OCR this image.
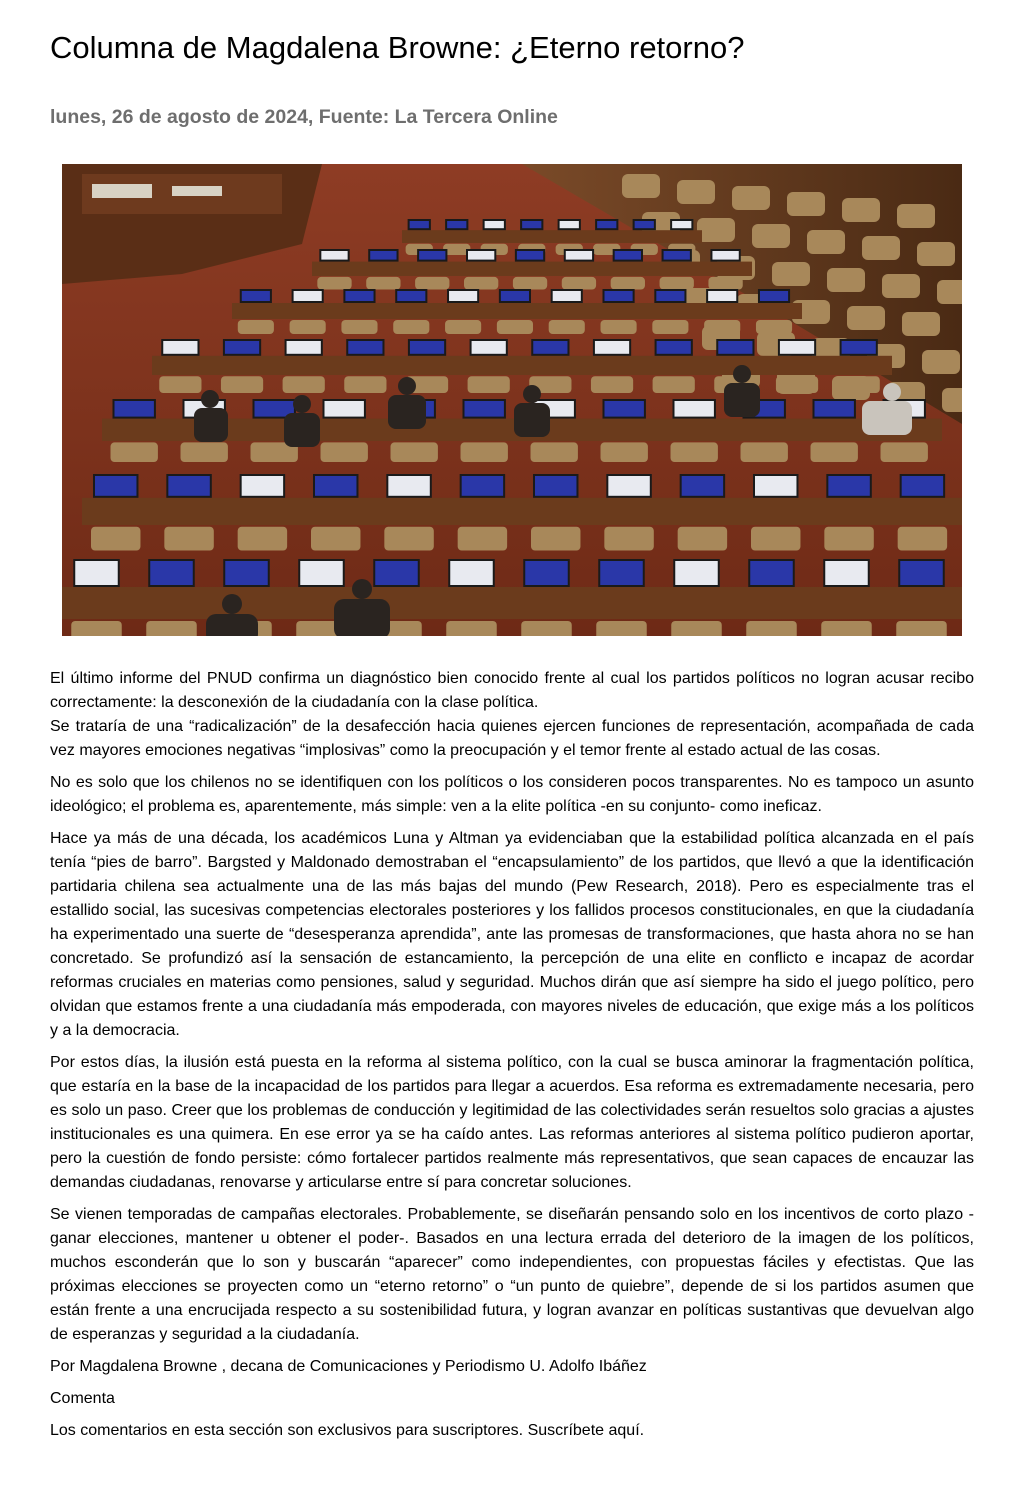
Columna de Magdalena Browne: ¿Eterno retorno?
lunes, 26 de agosto de 2024, Fuente: La Tercera Online

El último informe del PNUD confirma un diagnóstico bien conocido frente al cual los partidos políticos no logran acusar recibo correctamente: la desconexión de la ciudadanía con la clase política.

Se trataría de una “radicalización” de la desafección hacia quienes ejercen funciones de representación, acompañada de cada vez mayores emociones negativas “implosivas” como la preocupación y el temor frente al estado actual de las cosas.

No es solo que los chilenos no se identifiquen con los políticos o los consideren pocos transparentes. No es tampoco un asunto ideológico; el problema es, aparentemente, más simple: ven a la elite política -en su conjunto- como ineficaz.

Hace ya más de una década, los académicos Luna y Altman ya evidenciaban que la estabilidad política alcanzada en el país tenía “pies de barro”. Bargsted y Maldonado demostraban el “encapsulamiento” de los partidos, que llevó a que la identificación partidaria chilena sea actualmente una de las más bajas del mundo (Pew Research, 2018). Pero es especialmente tras el estallido social, las sucesivas competencias electorales posteriores y los fallidos procesos constitucionales, en que la ciudadanía ha experimentado una suerte de “desesperanza aprendida”, ante las promesas de transformaciones, que hasta ahora no se han concretado. Se profundizó así la sensación de estancamiento, la percepción de una elite en conflicto e incapaz de acordar reformas cruciales en materias como pensiones, salud y seguridad. Muchos dirán que así siempre ha sido el juego político, pero olvidan que estamos frente a una ciudadanía más empoderada, con mayores niveles de educación, que exige más a los políticos y a la democracia.

Por estos días, la ilusión está puesta en la reforma al sistema político, con la cual se busca aminorar la fragmentación política, que estaría en la base de la incapacidad de los partidos para llegar a acuerdos. Esa reforma es extremadamente necesaria, pero es solo un paso. Creer que los problemas de conducción y legitimidad de las colectividades serán resueltos solo gracias a ajustes institucionales es una quimera. En ese error ya se ha caído antes. Las reformas anteriores al sistema político pudieron aportar, pero la cuestión de fondo persiste: cómo fortalecer partidos realmente más representativos, que sean capaces de encauzar las demandas ciudadanas, renovarse y articularse entre sí para concretar soluciones.

Se vienen temporadas de campañas electorales. Probablemente, se diseñarán pensando solo en los incentivos de corto plazo -ganar elecciones, mantener u obtener el poder-. Basados en una lectura errada del deterioro de la imagen de los políticos, muchos esconderán que lo son y buscarán “aparecer” como independientes, con propuestas fáciles y efectistas. Que las próximas elecciones se proyecten como un “eterno retorno” o “un punto de quiebre”, depende de si los partidos asumen que están frente a una encrucijada respecto a su sostenibilidad futura, y logran avanzar en políticas sustantivas que devuelvan algo de esperanzas y seguridad a la ciudadanía.

Por Magdalena Browne , decana de Comunicaciones y Periodismo U. Adolfo Ibáñez

Comenta

Los comentarios en esta sección son exclusivos para suscriptores. Suscríbete aquí.
